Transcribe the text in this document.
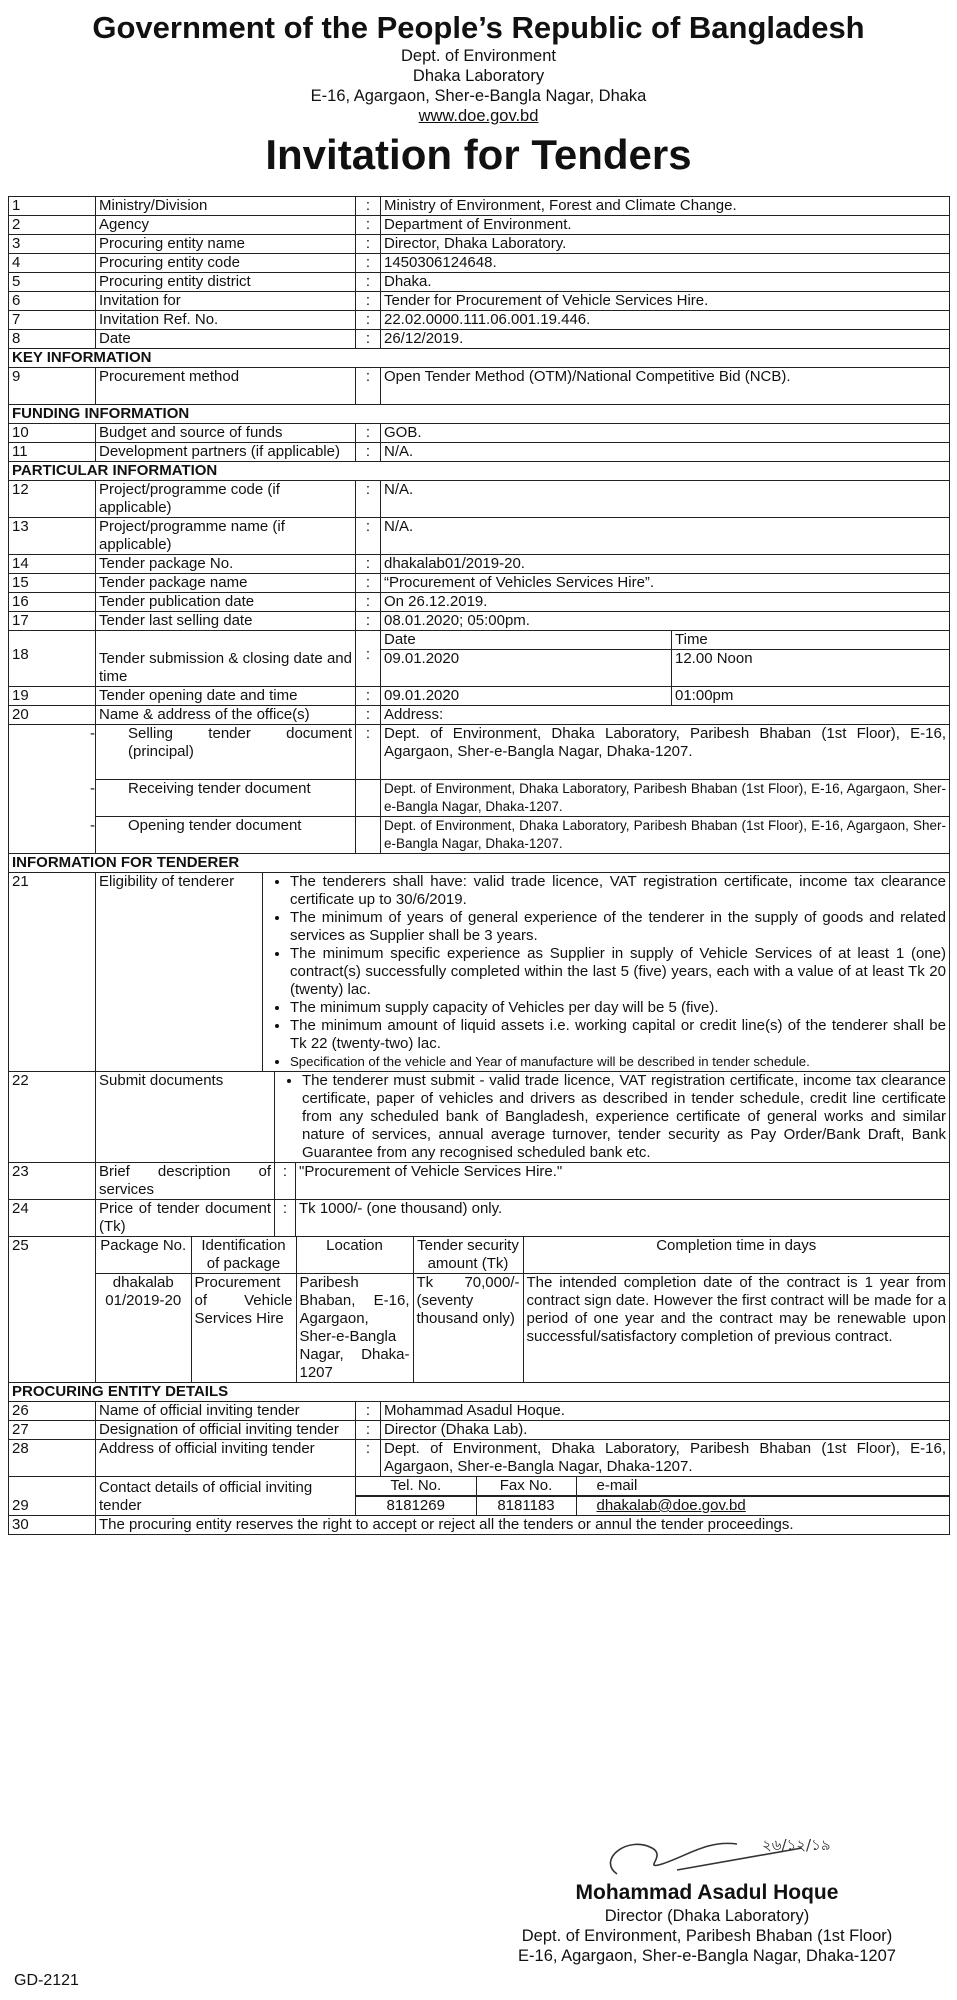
Government of the People’s Republic of Bangladesh
Dept. of Environment
Dhaka Laboratory
E-16, Agargaon, Sher-e-Bangla Nagar, Dhaka
www.doe.gov.bd
Invitation for Tenders
1	Ministry/Division	:	Ministry of Environment, Forest and Climate Change.
2	Agency	:	Department of Environment.
3	Procuring entity name	:	Director, Dhaka Laboratory.
4	Procuring entity code	:	1450306124648.
5	Procuring entity district	:	Dhaka.
6	Invitation for	:	Tender for Procurement of Vehicle Services Hire.
7	Invitation Ref. No.	:	22.02.0000.111.06.001.19.446.
8	Date	:	26/12/2019.
KEY INFORMATION
9	Procurement method	:	Open Tender Method (OTM)/National Competitive Bid (NCB).
FUNDING INFORMATION
10	Budget and source of funds	:	GOB.
11	Development partners (if applicable)	:	N/A.
PARTICULAR INFORMATION
12	Project/programme code (if applicable)	:	N/A.
13	Project/programme name (if applicable)	:	N/A.
14	Tender package No.	:	dhakalab01/2019-20.
15	Tender package name	:	“Procurement of Vehicles Services Hire”.
16	Tender publication date	:	On 26.12.2019.
17	Tender last selling date	:	08.01.2020; 05:00pm.
18	Tender submission & closing date and time	:	
Date	Time

09.01.2020	12.00 Noon

19	Tender opening date and time	:	09.01.2020	01:00pm

20	Name & address of the office(s)	:	Address:
-	Selling tender document (principal)	:	Dept. of Environment, Dhaka Laboratory, Paribesh Bhaban (1st Floor), E-16, Agargaon, Sher-e-Bangla Nagar, Dhaka-1207.
-	Receiving tender document		Dept. of Environment, Dhaka Laboratory, Paribesh Bhaban (1st Floor), E-16, Agargaon, Sher-e-Bangla Nagar, Dhaka-1207.
-	Opening tender document		Dept. of Environment, Dhaka Laboratory, Paribesh Bhaban (1st Floor), E-16, Agargaon, Sher-e-Bangla Nagar, Dhaka-1207.
INFORMATION FOR TENDERER
21		Eligibility of tenderer	
•The tenderers shall have: valid trade licence, VAT registration certificate, income tax clearance certificate up to 30/6/2019.
• The minimum of years of general experience of the tenderer in the supply of goods and related services as Supplier shall be 3 years.
• The minimum specific experience as Supplier in supply of Vehicle Services of at least 1 (one) contract(s) successfully completed within the last 5 (five) years, each with a value of at least Tk 20 (twenty) lac.
• The minimum supply capacity of Vehicles per day will be 5 (five).
• The minimum amount of liquid assets i.e. working capital or credit line(s) of the tenderer shall be Tk 22 (twenty-two) lac.
• Specification of the vehicle and Year of manufacture will be described in tender schedule.

22		Submit documents	
•The tenderer must submit - valid trade licence, VAT registration certificate, income tax clearance certificate, paper of vehicles and drivers as described in tender schedule, credit line certificate from any scheduled bank of Bangladesh, experience certificate of general works and similar nature of services, annual average turnover, tender security as Pay Order/Bank Draft, Bank Guarantee from any recognised scheduled bank etc.

23		Brief description of services	:	"Procurement of Vehicle Services Hire."

24		Price of tender document (Tk)	:	Tk 1000/- (one thousand) only.

25		Package No.	Identification of package	Location	Tender security amount (Tk)	Completion time in days
dhakalab 01/2019-20	Procurement of Vehicle Services Hire	Paribesh Bhaban, E-16, Agargaon, Sher-e-Bangla Nagar, Dhaka-1207	Tk 70,000/- (seventy thousand only)	The intended completion date of the contract is 1 year from contract sign date. However the first contract will be made for a period of one year and the contract may be renewable upon successful/satisfactory completion of previous contract.

PROCURING ENTITY DETAILS
26	Name of official inviting tender	:	Mohammad Asadul Hoque.
27	Designation of official inviting tender	:	Director (Dhaka Lab).
28	Address of official inviting tender	:	Dept. of Environment, Dhaka Laboratory, Paribesh Bhaban (1st Floor), E-16, Agargaon, Sher-e-Bangla Nagar, Dhaka-1207.
29	Contact details of official inviting tender	
Tel. No.	Fax No.	e-mail

8181269	8181183	dhakalab@doe.gov.bd

30	The procuring entity reserves the right to accept or reject all the tenders or annul the tender proceedings.
২৬/১২/১৯
Mohammad Asadul Hoque
Director (Dhaka Laboratory)
Dept. of Environment, Paribesh Bhaban (1st Floor)
E-16, Agargaon, Sher-e-Bangla Nagar, Dhaka-1207
GD-2121
